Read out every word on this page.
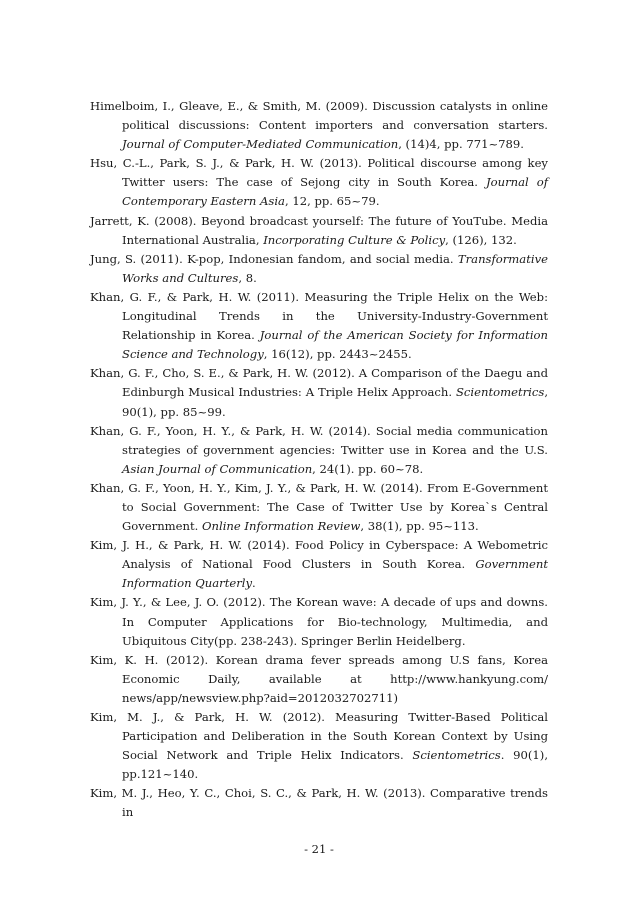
Himelboim, I., Gleave, E., & Smith, M. (2009). Discussion catalysts in online political discussions: Content importers and conversation starters. Journal of Computer-Mediated Communication, (14)4, pp. 771~789.
Hsu, C.-L., Park, S. J., & Park, H. W. (2013). Political discourse among key Twitter users: The case of Sejong city in South Korea. Journal of Contemporary Eastern Asia, 12, pp. 65~79.
Jarrett, K. (2008). Beyond broadcast yourself: The future of YouTube. Media International Australia, Incorporating Culture & Policy, (126), 132.
Jung, S. (2011). K-pop, Indonesian fandom, and social media. Transformative Works and Cultures, 8.
Khan, G. F., & Park, H. W. (2011). Measuring the Triple Helix on the Web: Longitudinal Trends in the University-Industry-Government Relationship in Korea. Journal of the American Society for Information Science and Technology, 16(12), pp. 2443~2455.
Khan, G. F., Cho, S. E., & Park, H. W. (2012). A Comparison of the Daegu and Edinburgh Musical Industries: A Triple Helix Approach. Scientometrics, 90(1), pp. 85~99.
Khan, G. F., Yoon, H. Y., & Park, H. W. (2014). Social media communication strategies of government agencies: Twitter use in Korea and the U.S. Asian Journal of Communication, 24(1). pp. 60~78.
Khan, G. F., Yoon, H. Y., Kim, J. Y., & Park, H. W. (2014). From E-Government to Social Government: The Case of Twitter Use by Korea`s Central Government. Online Information Review, 38(1), pp. 95~113.
Kim, J. H., & Park, H. W. (2014). Food Policy in Cyberspace: A Webometric Analysis of National Food Clusters in South Korea. Government Information Quarterly.
Kim, J. Y., & Lee, J. O. (2012). The Korean wave: A decade of ups and downs. In Computer Applications for Bio-technology, Multimedia, and Ubiquitous City(pp. 238-243). Springer Berlin Heidelberg.
Kim, K. H. (2012). Korean drama fever spreads among U.S fans, Korea Economic Daily, available at http://www.hankyung.com/ news/app/newsview.php?aid=2012032702711)
Kim, M. J., & Park, H. W. (2012). Measuring Twitter-Based Political Participation and Deliberation in the South Korean Context by Using Social Network and Triple Helix Indicators. Scientometrics. 90(1), pp.121~140.
Kim, M. J., Heo, Y. C., Choi, S. C., & Park, H. W. (2013). Comparative trends in
- 21 -
